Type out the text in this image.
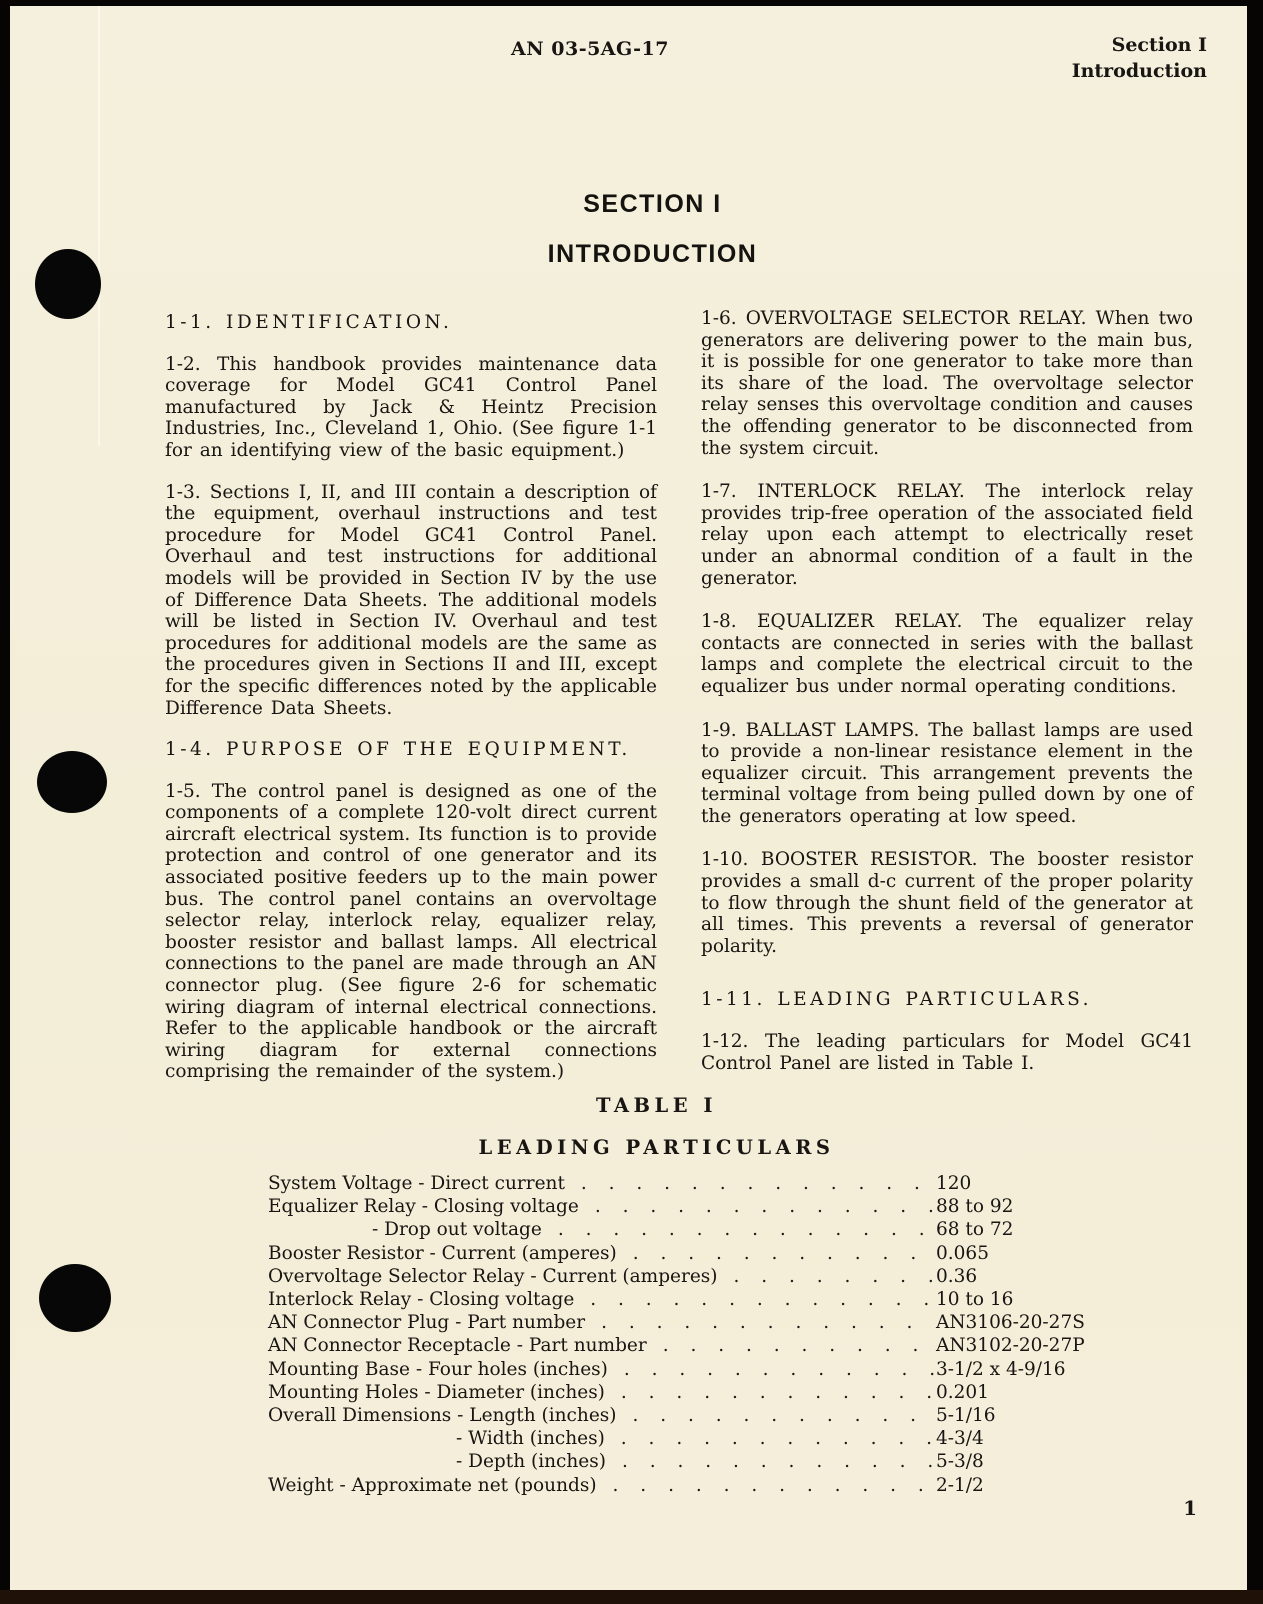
AN 03-5AG-17	Section I
Introduction
SECTION I
INTRODUCTION
1-1. IDENTIFICATION.
1-2. This handbook provides maintenance data coverage for Model GC41 Control Panel manufactured by Jack & Heintz Precision Industries, Inc., Cleveland 1, Ohio. (See figure 1-1 for an identifying view of the basic equipment.)
1-3. Sections I, II, and III contain a description of the equipment, overhaul instructions and test procedure for Model GC41 Control Panel. Overhaul and test instructions for additional models will be provided in Section IV by the use of Difference Data Sheets. The additional models will be listed in Section IV. Overhaul and test procedures for additional models are the same as the procedures given in Sections II and III, except for the specific differences noted by the applicable Difference Data Sheets.
1-4. PURPOSE OF THE EQUIPMENT.
1-5. The control panel is designed as one of the components of a complete 120-volt direct current aircraft electrical system. Its function is to provide protection and control of one generator and its associated positive feeders up to the main power bus. The control panel contains an overvoltage selector relay, interlock relay, equalizer relay, booster resistor and ballast lamps. All electrical connections to the panel are made through an AN connector plug. (See figure 2-6 for schematic wiring diagram of internal electrical connections. Refer to the applicable handbook or the aircraft wiring diagram for external connections comprising the remainder of the system.)
1-6. OVERVOLTAGE SELECTOR RELAY. When two generators are delivering power to the main bus, it is possible for one generator to take more than its share of the load. The overvoltage selector relay senses this overvoltage condition and causes the offending generator to be disconnected from the system circuit.
1-7. INTERLOCK RELAY. The interlock relay provides trip-free operation of the associated field relay upon each attempt to electrically reset under an abnormal condition of a fault in the generator.
1-8. EQUALIZER RELAY. The equalizer relay contacts are connected in series with the ballast lamps and complete the electrical circuit to the equalizer bus under normal operating conditions.
1-9. BALLAST LAMPS. The ballast lamps are used to provide a non-linear resistance element in the equalizer circuit. This arrangement prevents the terminal voltage from being pulled down by one of the generators operating at low speed.
1-10. BOOSTER RESISTOR. The booster resistor provides a small d-c current of the proper polarity to flow through the shunt field of the generator at all times. This prevents a reversal of generator polarity.
1-11. LEADING PARTICULARS.
1-12. The leading particulars for Model GC41 Control Panel are listed in Table I.
TABLE I
LEADING PARTICULARS
System Voltage - Direct current . . .	120
Equalizer Relay - Closing voltage . . .	88 to 92
- Drop out voltage . . .	68 to 72
Booster Resistor - Current (amperes) . . .	0.065
Overvoltage Selector Relay - Current (amperes) . . .	0.36
Interlock Relay - Closing voltage . . .	10 to 16
AN Connector Plug - Part number . . .	AN3106-20-27S
AN Connector Receptacle - Part number . . .	AN3102-20-27P
Mounting Base - Four holes (inches) . . .	3-1/2 x 4-9/16
Mounting Holes - Diameter (inches) . . .	0.201
Overall Dimensions - Length (inches) . . .	5-1/16
- Width (inches) . . .	4-3/4
- Depth (inches) . . .	5-3/8
Weight - Approximate net (pounds) . . .	2-1/2
1
